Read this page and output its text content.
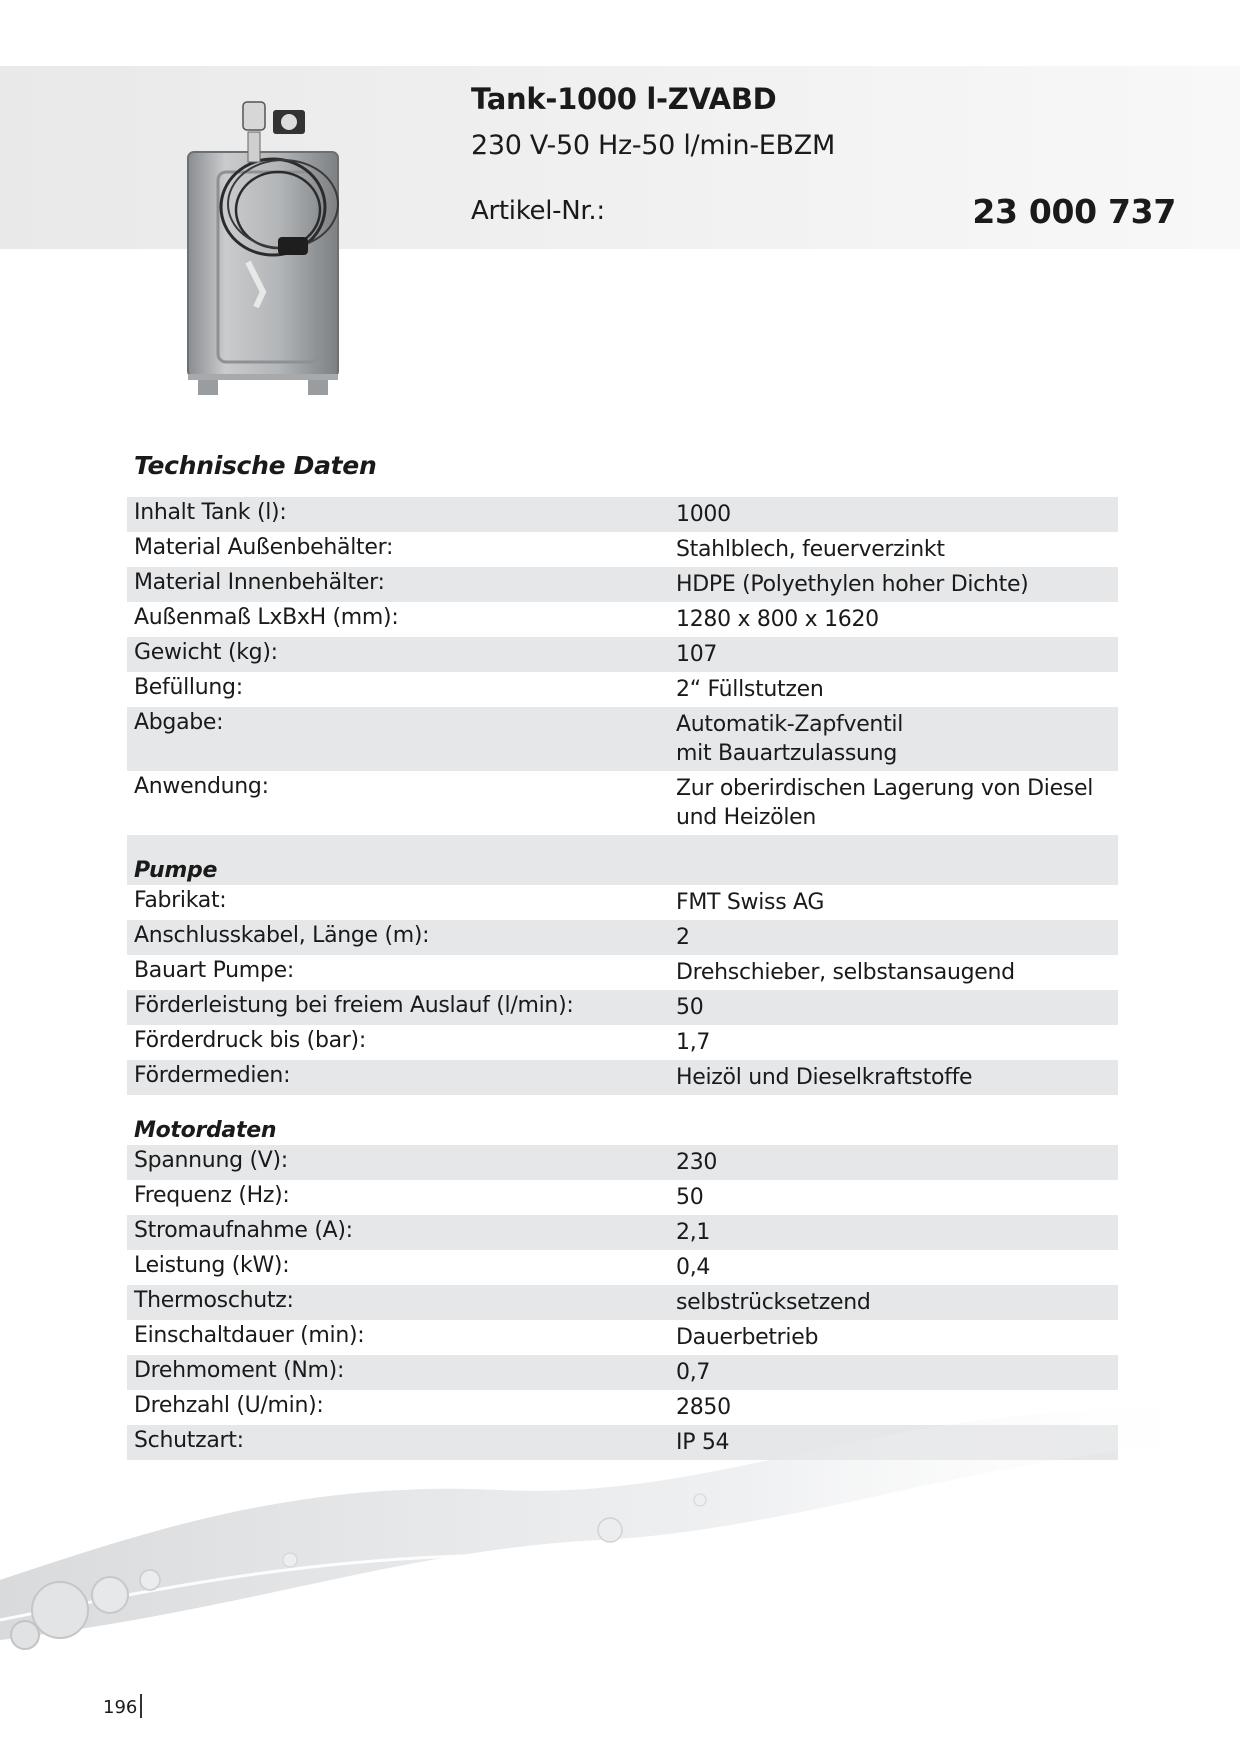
Tank-1000 l-ZVABD
230 V-50 Hz-50 l/min-EBZM
Artikel-Nr.:	23 000 737
Technische Daten
Inhalt Tank (l):	1000
Material Außenbehälter:	Stahlblech, feuerverzinkt
Material Innenbehälter:	HDPE (Polyethylen hoher Dichte)
Außenmaß LxBxH (mm):	1280 x 800 x 1620
Gewicht (kg):	107
Befüllung:	2“ Füllstutzen
Abgabe:	Automatik-Zapfventil
mit Bauartzulassung
Anwendung:	Zur oberirdischen Lagerung von Diesel
und Heizölen
Pumpe
Fabrikat:	FMT Swiss AG
Anschlusskabel, Länge (m):	2
Bauart Pumpe:	Drehschieber, selbstansaugend
Förderleistung bei freiem Auslauf (l/min):	50
Förderdruck bis (bar):	1,7
Fördermedien:	Heizöl und Dieselkraftstoffe
Motordaten
Spannung (V):	230
Frequenz (Hz):	50
Stromaufnahme (A):	2,1
Leistung (kW):	0,4
Thermoschutz:	selbstrücksetzend
Einschaltdauer (min):	Dauerbetrieb
Drehmoment (Nm):	0,7
Drehzahl (U/min):	2850
Schutzart:	IP 54
196
